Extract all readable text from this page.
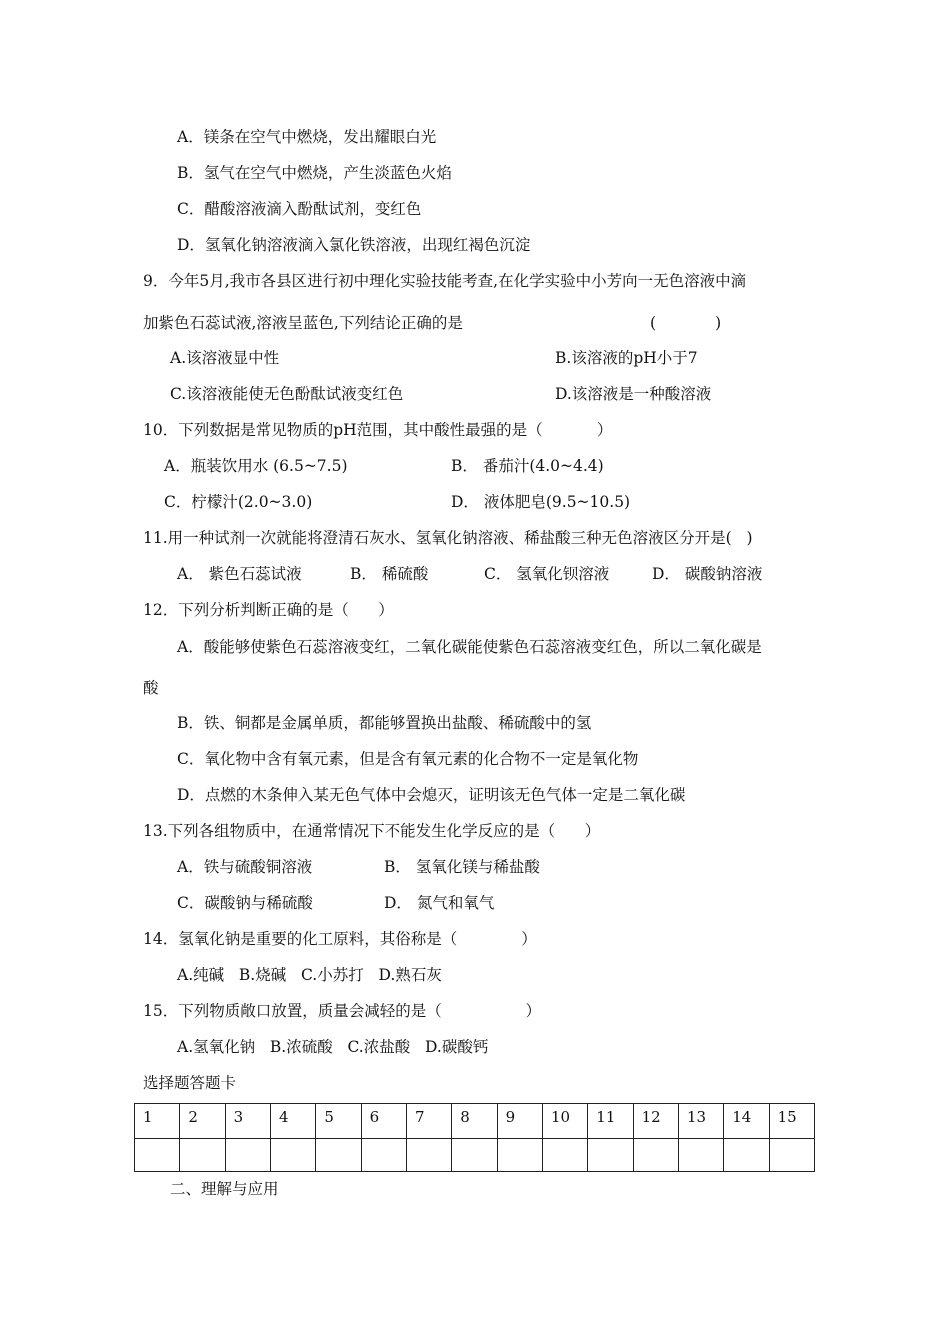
A．镁条在空气中燃烧，发出耀眼白光
B．氢气在空气中燃烧，产生淡蓝色火焰
C．醋酸溶液滴入酚酞试剂，变红色
D．氢氧化钠溶液滴入氯化铁溶液，出现红褐色沉淀
9．今年5月,我市各县区进行初中理化实验技能考查,在化学实验中小芳向一无色溶液中滴
加紫色石蕊试液,溶液呈蓝色,下列结论正确的是	(            )
A.该溶液显中性	B.该溶液的pH小于7
C.该溶液能使无色酚酞试液变红色	D.该溶液是一种酸溶液
10．下列数据是常见物质的pH范围，其中酸性最强的是（           ）
A．瓶装饮用水 (6.5~7.5)	B． 番茄汁(4.0~4.4)
C．柠檬汁(2.0~3.0)	D． 液体肥皂(9.5~10.5)
11.用一种试剂一次就能将澄清石灰水、氢氧化钠溶液、稀盐酸三种无色溶液区分开是(   )
A． 紫色石蕊试液	B． 稀硫酸	C． 氢氧化钡溶液	D． 碳酸钠溶液
12．下列分析判断正确的是（      ）
A．酸能够使紫色石蕊溶液变红，二氧化碳能使紫色石蕊溶液变红色，所以二氧化碳是
酸
B．铁、铜都是金属单质，都能够置换出盐酸、稀硫酸中的氢
C．氧化物中含有氧元素，但是含有氧元素的化合物不一定是氧化物
D．点燃的木条伸入某无色气体中会熄灭，证明该无色气体一定是二氧化碳
13.下列各组物质中，在通常情况下不能发生化学反应的是（      ）
A．铁与硫酸铜溶液	B． 氢氧化镁与稀盐酸
C．碳酸钠与稀硫酸	D． 氮气和氧气
14．氢氧化钠是重要的化工原料，其俗称是（             ）
A.纯碱   B.烧碱   C.小苏打   D.熟石灰
15．下列物质敞口放置，质量会减轻的是（                 ）
A.氢氧化钠   B.浓硫酸   C.浓盐酸   D.碳酸钙
选择题答题卡
1	2	3	4	5	6	7	8	9	10	11	12	13	14	15

二、理解与应用
